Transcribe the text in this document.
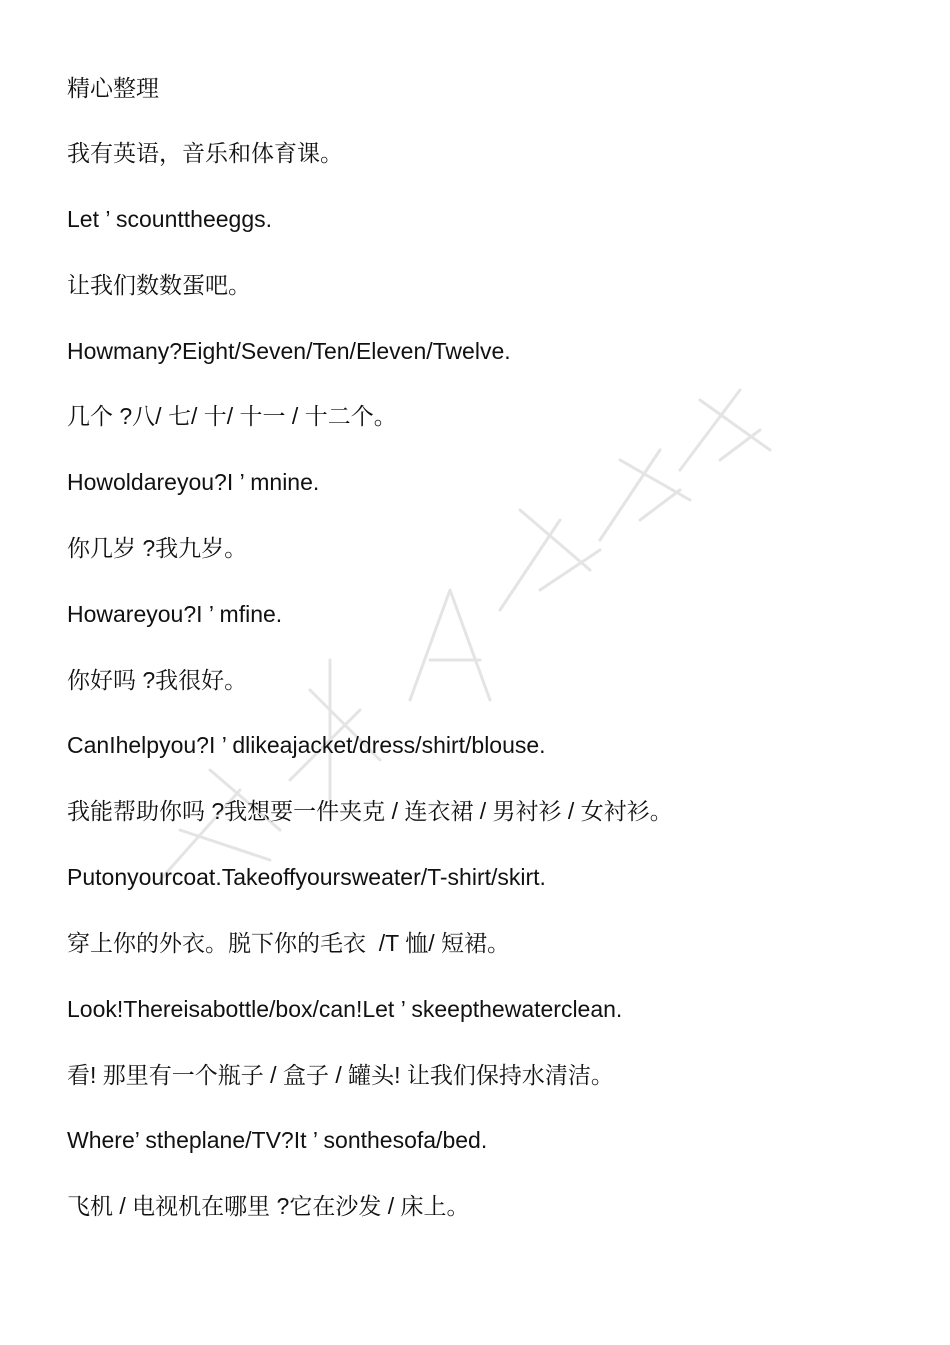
精心整理

我有英语，音乐和体育课。

Let ’ scounttheeggs.

让我们数数蛋吧。

Howmany?Eight/Seven/Ten/Eleven/Twelve.

几个 ?八/ 七/ 十/ 十一 / 十二个。

Howoldareyou?I ’ mnine.

你几岁 ?我九岁。

Howareyou?I ’ mfine.

你好吗 ?我很好。

CanIhelpyou?I ’ dlikeajacket/dress/shirt/blouse.

我能帮助你吗 ?我想要一件夹克 / 连衣裙 / 男衬衫 / 女衬衫。

Putonyourcoat.Takeoffyoursweater/T-shirt/skirt.

穿上你的外衣。脱下你的毛衣  /T 恤/ 短裙。

Look!Thereisabottle/box/can!Let ’ skeepthewaterclean.

看! 那里有一个瓶子 / 盒子 / 罐头! 让我们保持水清洁。

Where’ stheplane/TV?It ’ sonthesofa/bed.

飞机 / 电视机在哪里 ?它在沙发 / 床上。
